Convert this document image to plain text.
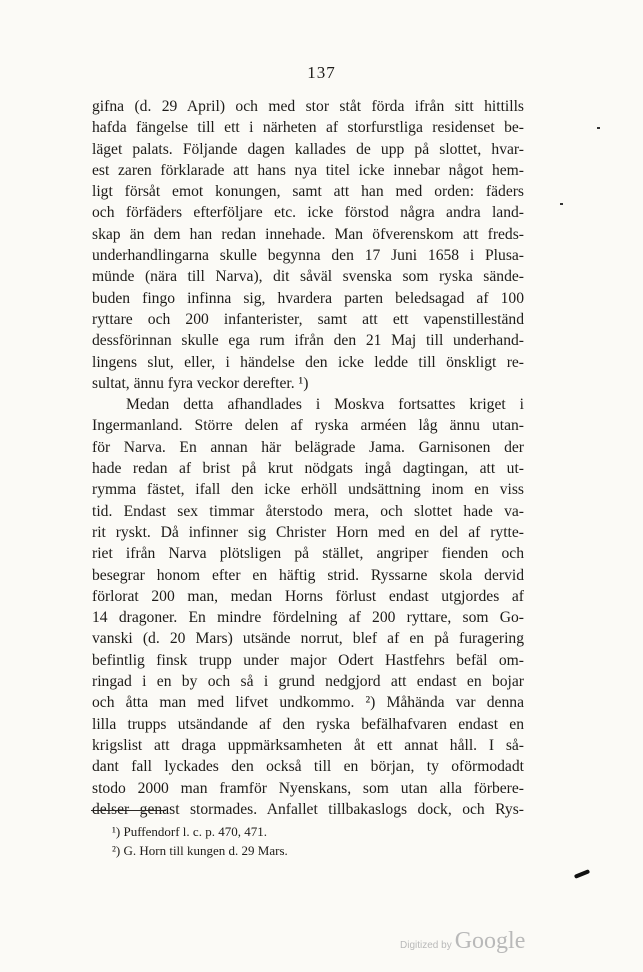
137
gifna (d. 29 April) och med stor ståt förda ifrån sitt hittills
hafda fängelse till ett i närheten af storfurstliga residenset be-
läget palats. Följande dagen kallades de upp på slottet, hvar-
est zaren förklarade att hans nya titel icke innebar något hem-
ligt försåt emot konungen, samt att han med orden: fäders
och förfäders efterföljare etc. icke förstod några andra land-
skap än dem han redan innehade. Man öfverenskom att freds-
underhandlingarna skulle begynna den 17 Juni 1658 i Plusa-
münde (nära till Narva), dit såväl svenska som ryska sände-
buden fingo infinna sig, hvardera parten beledsagad af 100
ryttare och 200 infanterister, samt att ett vapenstilleständ
dessförinnan skulle ega rum ifrån den 21 Maj till underhand-
lingens slut, eller, i händelse den icke ledde till önskligt re-
sultat, ännu fyra veckor derefter. ¹)
Medan detta afhandlades i Moskva fortsattes kriget i
Ingermanland. Större delen af ryska arméen låg ännu utan-
för Narva. En annan här belägrade Jama. Garnisonen der
hade redan af brist på krut nödgats ingå dagtingan, att ut-
rymma fästet, ifall den icke erhöll undsättning inom en viss
tid. Endast sex timmar återstodo mera, och slottet hade va-
rit ryskt. Då infinner sig Christer Horn med en del af rytte-
riet ifrån Narva plötsligen på stället, angriper fienden och
besegrar honom efter en häftig strid. Ryssarne skola dervid
förlorat 200 man, medan Horns förlust endast utgjordes af
14 dragoner. En mindre fördelning af 200 ryttare, som Go-
vanski (d. 20 Mars) utsände norrut, blef af en på furagering
befintlig finsk trupp under major Odert Hastfehrs befäl om-
ringad i en by och så i grund nedgjord att endast en bojar
och åtta man med lifvet undkommo. ²) Måhända var denna
lilla trupps utsändande af den ryska befälhafvaren endast en
krigslist att draga uppmärksamheten åt ett annat håll. I så-
dant fall lyckades den också till en början, ty oförmodadt
stodo 2000 man framför Nyenskans, som utan alla förbere-
delser genast stormades. Anfallet tillbakaslogs dock, och Rys-
¹) Puffendorf l. c. p. 470, 471.
²) G. Horn till kungen d. 29 Mars.
Digitized by Google
